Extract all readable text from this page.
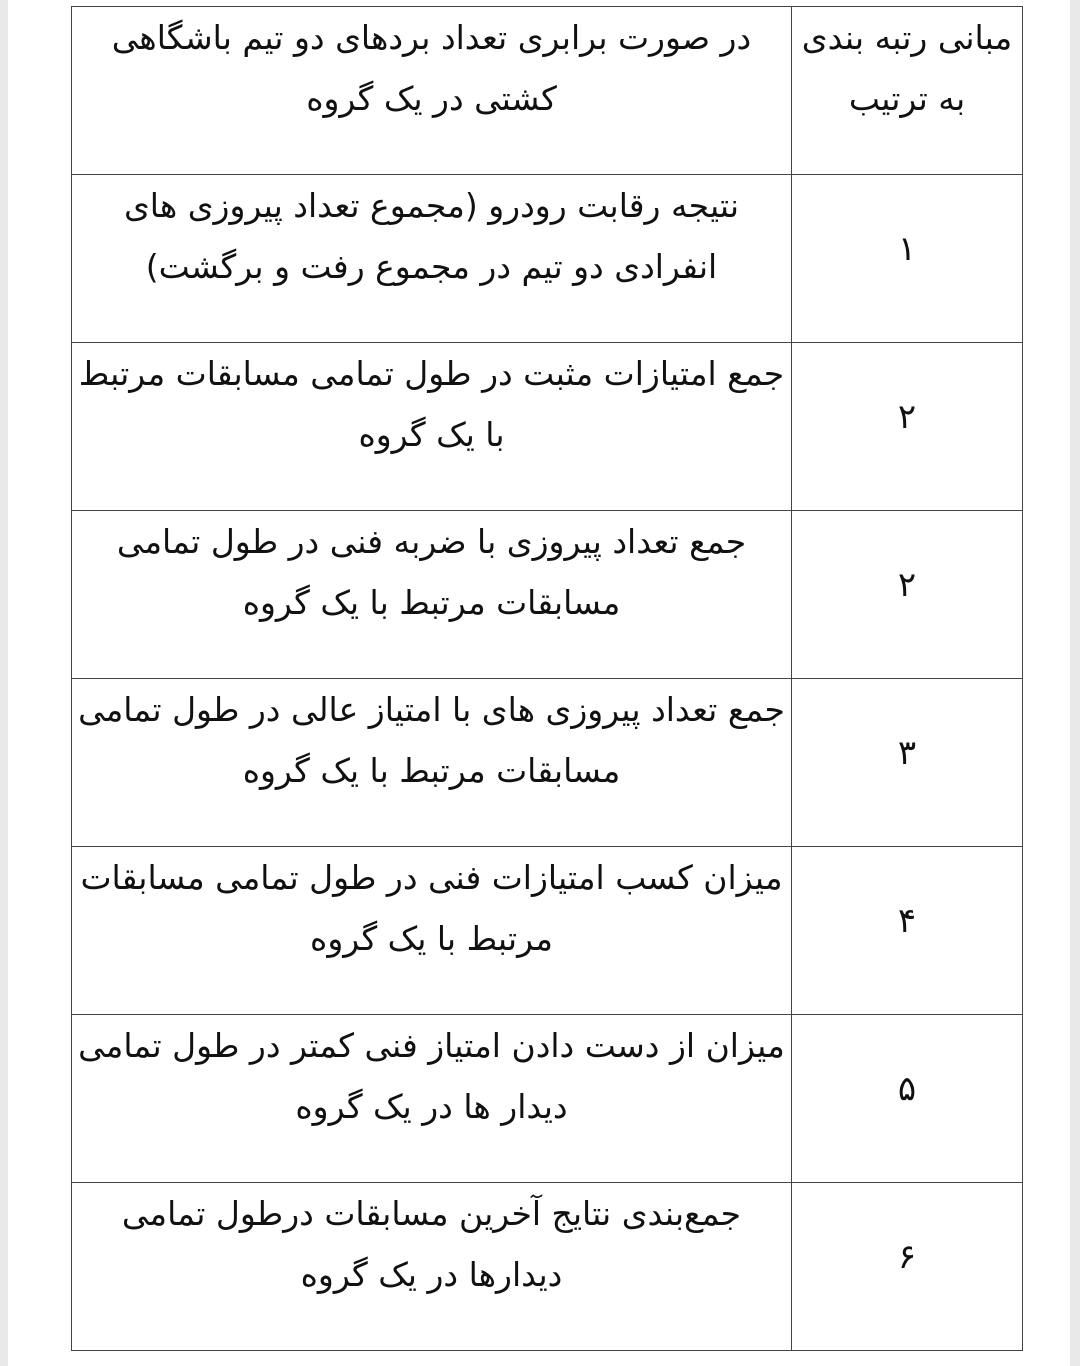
مبانی رتبه بندی به ترتیب	در صورت برابری تعداد بردهای دو تیم باشگاهی کشتی در یک گروه

۱	نتیجه رقابت رودرو (مجموع تعداد پیروزی های انفرادی دو تیم در مجموع رفت و برگشت)

۲	جمع امتیازات مثبت در طول تمامی مسابقات مرتبط با یک گروه

۲	جمع تعداد پیروزی با ضربه فنی در طول تمامی مسابقات مرتبط با یک گروه

۳	جمع تعداد پیروزی های با امتیاز عالی در طول تمامی مسابقات مرتبط با یک گروه

۴	میزان کسب امتیازات فنی در طول تمامی مسابقات مرتبط با یک گروه

۵	میزان از دست دادن امتیاز فنی کمتر در طول تمامی دیدار ها در یک گروه

۶	جمع‌بندی نتایج آخرین مسابقات درطول تمامی دیدارها در یک گروه
